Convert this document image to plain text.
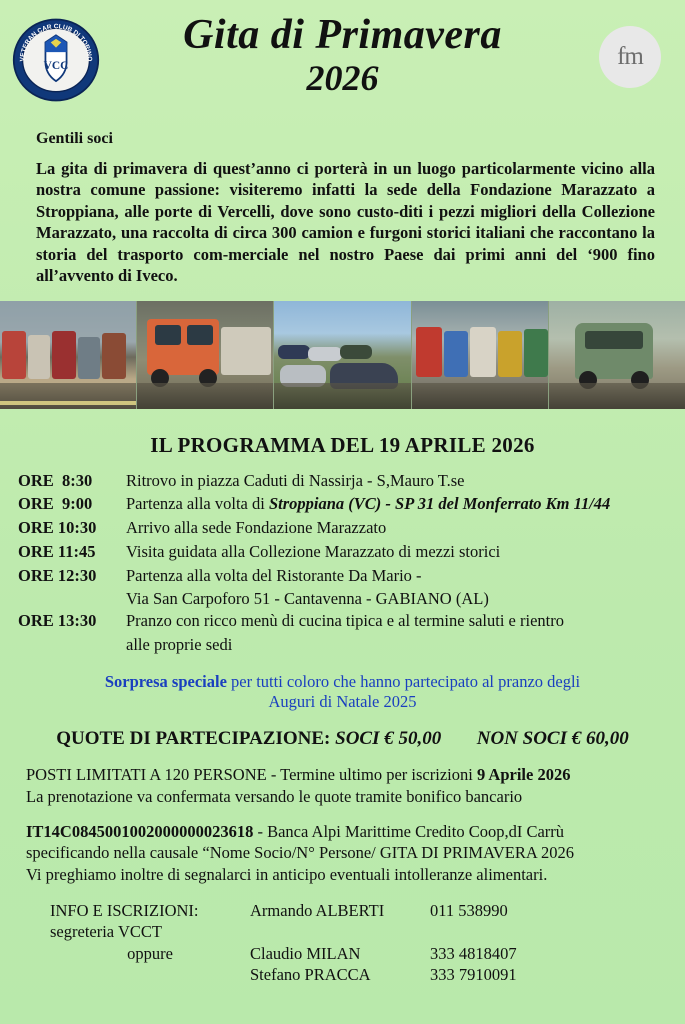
VCC
VETERAN CAR CLUB DI TORINO	fm
Gita di Primavera
2026
Gentili soci
La gita di primavera di quest’anno ci porterà in un luogo particolarmente vicino alla nostra comune passione: visiteremo infatti la sede della Fondazione Marazzato a Stroppiana, alle porte di Vercelli, dove sono custo-diti i pezzi migliori della Collezione Marazzato, una raccolta di circa 300 camion e furgoni storici italiani che raccontano la storia del trasporto com-merciale nel nostro Paese dai primi anni del ‘900 fino all’avvento di Iveco.
IL PROGRAMMA DEL 19 APRILE 2026
ORE  8:30	Ritrovo in piazza Caduti di Nassirja - S,Mauro T.se
ORE  9:00	Partenza alla volta di Stroppiana (VC) - SP 31 del Monferrato Km 11/44
ORE 10:30	Arrivo alla sede Fondazione Marazzato
ORE 11:45	Visita guidata alla Collezione Marazzato di mezzi storici
ORE 12:30	Partenza alla volta del Ristorante Da Mario -
Via San Carpoforo 51 - Cantavenna - GABIANO (AL)
ORE 13:30	Pranzo con ricco menù di cucina tipica e al termine saluti e rientro
alle proprie sedi
Sorpresa speciale per tutti coloro che hanno partecipato al pranzo degli
Auguri di Natale 2025
QUOTE DI PARTECIPAZIONE: SOCI € 50,00 NON SOCI € 60,00
POSTI LIMITATI A 120 PERSONE - Termine ultimo per iscrizioni 9 Aprile 2026
La prenotazione va confermata versando le quote tramite bonifico bancario
IT14C0845001002000000023618 - Banca Alpi Marittime Credito Coop,dI Carrù
specificando nella causale “Nome Socio/N° Persone/ GITA DI PRIMAVERA 2026
Vi preghiamo inoltre di segnalarci in anticipo eventuali intolleranze alimentari.
INFO E ISCRIZIONI: segreteria VCCT
Armando ALBERTI	011 538990
oppure	Claudio MILAN	333 4818407
Stefano PRACCA	333 7910091
